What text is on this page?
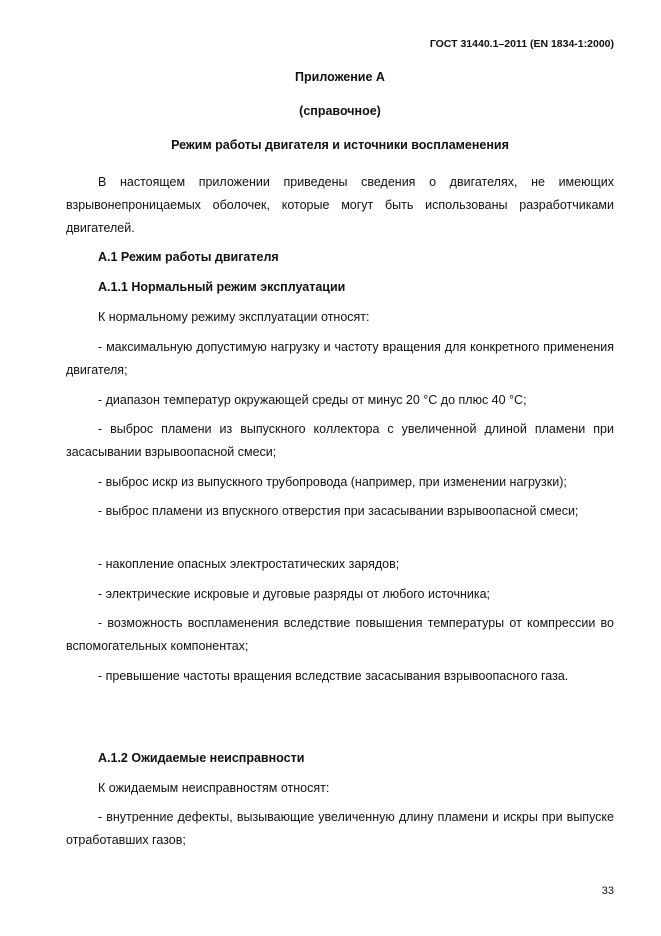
ГОСТ 31440.1–2011 (EN 1834-1:2000)
Приложение А
(справочное)
Режим работы двигателя и источники воспламенения
В настоящем приложении приведены сведения о двигателях, не имеющих взрывонепроницаемых оболочек, которые могут быть использованы разработчиками двигателей.
А.1 Режим работы двигателя
А.1.1 Нормальный режим эксплуатации
К нормальному режиму эксплуатации относят:
- максимальную допустимую нагрузку и частоту вращения для конкретного применения двигателя;
- диапазон температур окружающей среды от минус 20 °С до плюс 40 °С;
- выброс пламени из выпускного коллектора с увеличенной длиной пламени при засасывании взрывоопасной смеси;
- выброс искр из выпускного трубопровода (например, при изменении нагрузки);
- выброс пламени из впускного отверстия при засасывании взрывоопасной смеси;
- накопление опасных электростатических зарядов;
- электрические искровые и дуговые разряды от любого источника;
- возможность воспламенения вследствие повышения температуры от компрессии во вспомогательных компонентах;
- превышение частоты вращения вследствие засасывания взрывоопасного газа.
А.1.2 Ожидаемые неисправности
К ожидаемым неисправностям относят:
- внутренние дефекты, вызывающие увеличенную длину пламени и искры при выпуске отработавших газов;
33
